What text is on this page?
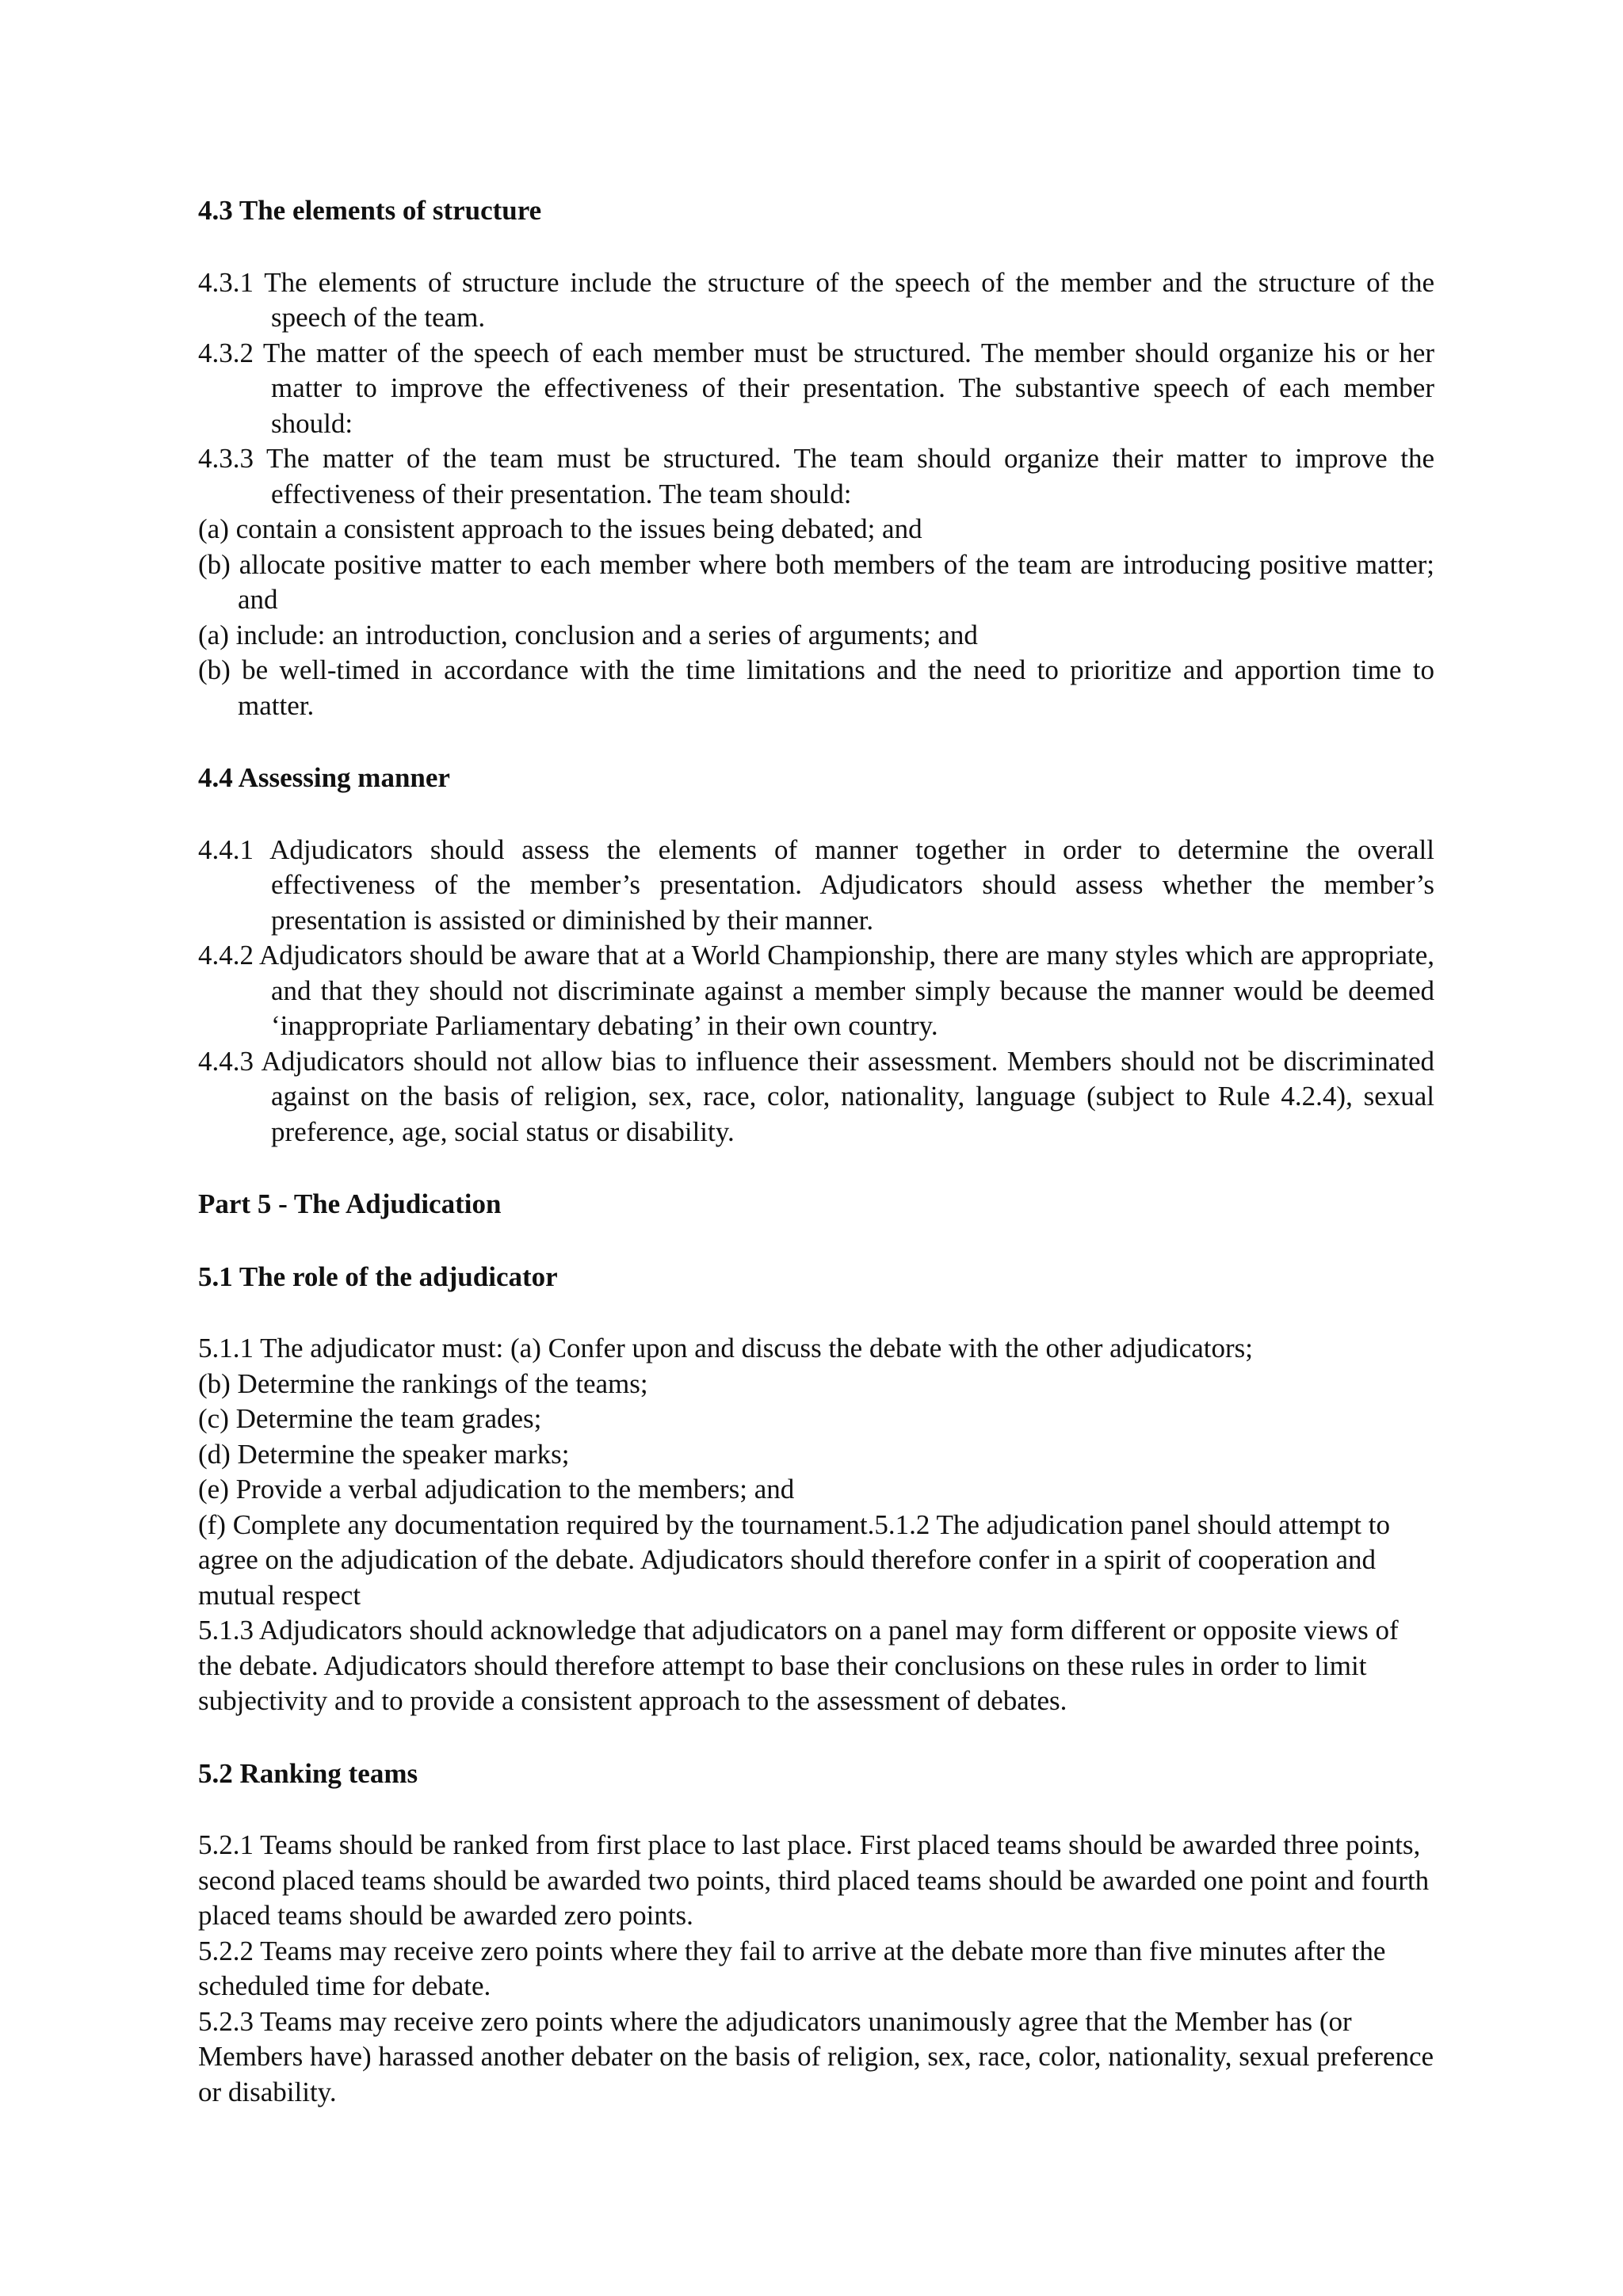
4.3 The elements of structure

4.3.1 The elements of structure include the structure of the speech of the member and the structure of the speech of the team.

4.3.2 The matter of the speech of each member must be structured. The member should organize his or her matter to improve the effectiveness of their presentation. The substantive speech of each member should:

4.3.3 The matter of the team must be structured. The team should organize their matter to improve the effectiveness of their presentation. The team should:

(a) contain a consistent approach to the issues being debated; and

(b) allocate positive matter to each member where both members of the team are introducing positive matter; and

(a) include: an introduction, conclusion and a series of arguments; and

(b) be well-timed in accordance with the time limitations and the need to prioritize and apportion time to matter.

4.4 Assessing manner

4.4.1 Adjudicators should assess the elements of manner together in order to determine the overall effectiveness of the member’s presentation. Adjudicators should assess whether the member’s presentation is assisted or diminished by their manner.

4.4.2 Adjudicators should be aware that at a World Championship, there are many styles which are appropriate, and that they should not discriminate against a member simply because the manner would be deemed ‘inappropriate Parliamentary debating’ in their own country.

4.4.3 Adjudicators should not allow bias to influence their assessment. Members should not be discriminated against on the basis of religion, sex, race, color, nationality, language (subject to Rule 4.2.4), sexual preference, age, social status or disability.

Part 5 - The Adjudication

5.1 The role of the adjudicator

5.1.1 The adjudicator must: (a) Confer upon and discuss the debate with the other adjudicators;

(b) Determine the rankings of the teams;

(c) Determine the team grades;

(d) Determine the speaker marks;

(e) Provide a verbal adjudication to the members; and

(f) Complete any documentation required by the tournament.5.1.2 The adjudication panel should attempt to agree on the adjudication of the debate. Adjudicators should therefore confer in a spirit of cooperation and mutual respect

5.1.3 Adjudicators should acknowledge that adjudicators on a panel may form different or opposite views of the debate. Adjudicators should therefore attempt to base their conclusions on these rules in order to limit subjectivity and to provide a consistent approach to the assessment of debates.

5.2 Ranking teams

5.2.1 Teams should be ranked from first place to last place. First placed teams should be awarded three points, second placed teams should be awarded two points, third placed teams should be awarded one point and fourth placed teams should be awarded zero points.

5.2.2 Teams may receive zero points where they fail to arrive at the debate more than five minutes after the scheduled time for debate.

5.2.3 Teams may receive zero points where the adjudicators unanimously agree that the Member has (or Members have) harassed another debater on the basis of religion, sex, race, color, nationality, sexual preference or disability.
